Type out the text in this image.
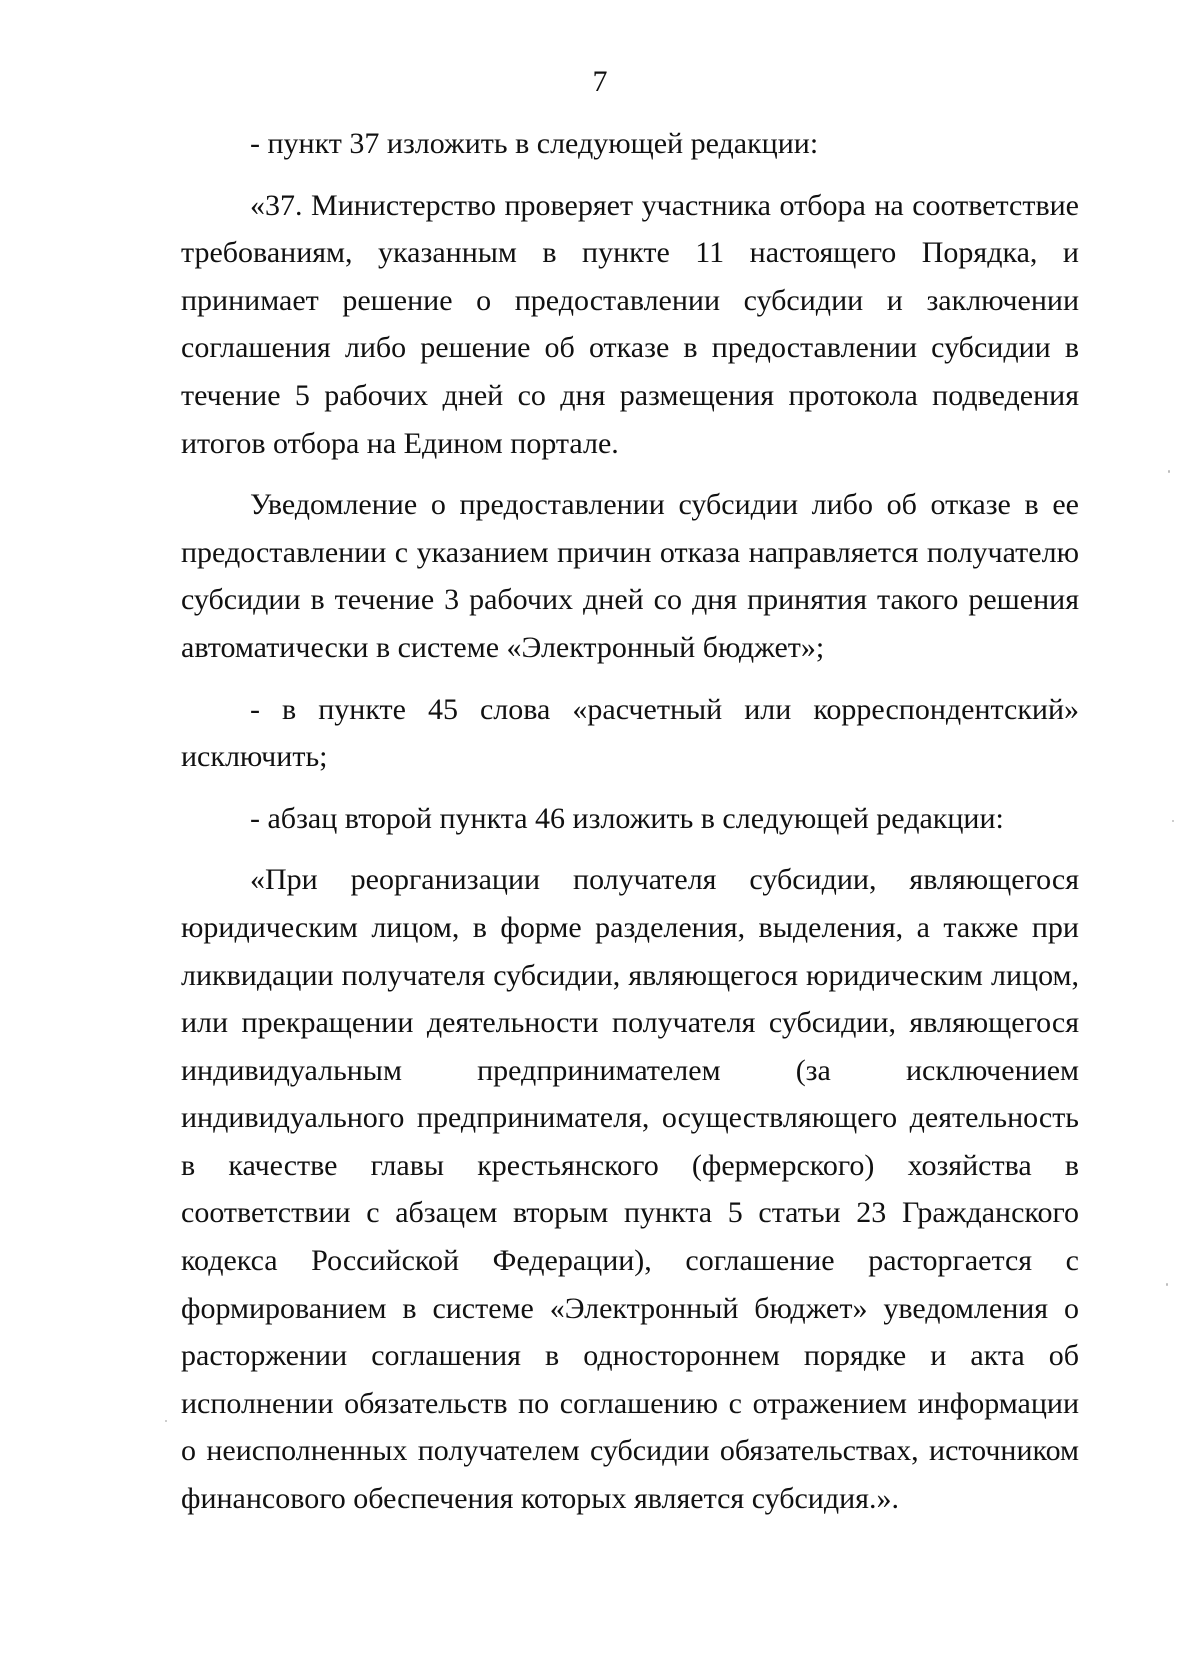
7

- пункт 37 изложить в следующей редакции:

«37. Министерство проверяет участника отбора на соответствие требованиям, указанным в пункте 11 настоящего Порядка, и принимает решение о предоставлении субсидии и заключении соглашения либо решение об отказе в предоставлении субсидии в течение 5 рабочих дней со дня размещения протокола подведения итогов отбора на Едином портале.

Уведомление о предоставлении субсидии либо об отказе в ее предоставлении с указанием причин отказа направляется получателю субсидии в течение 3 рабочих дней со дня принятия такого решения автоматически в системе «Электронный бюджет»;

- в пункте 45 слова «расчетный или корреспондентский» исключить;

- абзац второй пункта 46 изложить в следующей редакции:

«При реорганизации получателя субсидии, являющегося юридическим лицом, в форме разделения, выделения, а также при ликвидации получателя субсидии, являющегося юридическим лицом, или прекращении деятельности получателя субсидии, являющегося индивидуальным предпринимателем (за исключением индивидуального предпринимателя, осуществляющего деятельность в качестве главы крестьянского (фермерского) хозяйства в соответствии с абзацем вторым пункта 5 статьи 23 Гражданского кодекса Российской Федерации), соглашение расторгается с формированием в системе «Электронный бюджет» уведомления о расторжении соглашения в одностороннем порядке и акта об исполнении обязательств по соглашению с отражением информации о неисполненных получателем субсидии обязательствах, источником финансового обеспечения которых является субсидия.».
